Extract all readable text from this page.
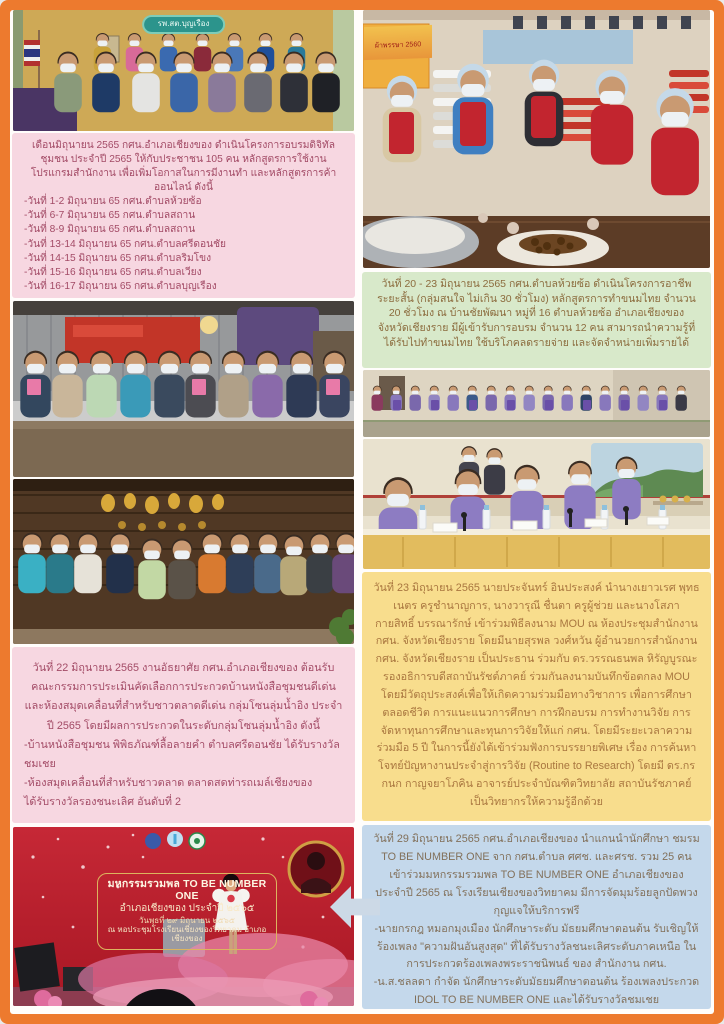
รพ.สต.บุญเรือง
เดือนมิถุนายน 2565 กศน.อำเภอเชียงของ ดำเนินโครงการอบรมดิจิทัลชุมชน ประจำปี 2565 ให้กับประชาชน 105 คน หลักสูตรการใช้งานโปรแกรมสำนักงาน เพื่อเพิ่มโอกาสในการมีงานทำ และหลักสูตรการค้าออนไลน์ ดังนี้
-วันที่ 1-2 มิถุนายน 65 กศน.ตำบลห้วยซ้อ
-วันที่ 6-7 มิถุนายน 65 กศน.ตำบลสถาน
-วันที่ 8-9 มิถุนายน 65 กศน.ตำบลสถาน
-วันที่ 13-14 มิถุนายน 65 กศน.ตำบลศรีดอนชัย
-วันที่ 14-15 มิถุนายน 65 กศน.ตำบลริมโขง
-วันที่ 15-16 มิถุนายน 65 กศน.ตำบลเวียง
-วันที่ 16-17 มิถุนายน 65 กศน.ตำบลบุญเรือง
วันที่ 22 มิถุนายน 2565 งานอัธยาศัย กศน.อำเภอเชียงของ ต้อนรับคณะกรรมการประเมินคัดเลือกการประกวดบ้านหนังสือชุมชนดีเด่น และห้องสมุดเคลื่อนที่สำหรับชาวตลาดดีเด่น กลุ่มโซนลุ่มน้ำอิง ประจำปี 2565 โดยมีผลการประกวดในระดับกลุ่มโซนลุ่มน้ำอิง ดังนี้
-บ้านหนังสือชุมชน พิพิธภัณฑ์ลื้อลายคำ ตำบลศรีดอนชัย ได้รับรางวัลชมเชย
-ห้องสมุดเคลื่อนที่สำหรับชาวตลาด ตลาดสดท่ารถเมล์เชียงของ
ได้รับรางวัลรองชนะเลิศ อันดับที่ 2
มหกรรมรวมพล TO BE NUMBER ONE
อำเภอเชียงของ ประจำปี ๒๕๖๕
วันพุธที่ ๒๙ มิถุนายน ๒๕๖๕
ณ หอประชุมโรงเรียนเชียงของวิทยาคม อำเภอเชียงของ
ผ้าพรรษา 2560
วันที่ 20 - 23 มิถุนายน 2565 กศน.ตำบลห้วยซ้อ ดำเนินโครงการอาชีพระยะสั้น (กลุ่มสนใจ ไม่เกิน 30 ชั่วโมง) หลักสูตรการทำขนมไทย จำนวน 20 ชั่วโมง ณ บ้านชัยพัฒนา หมู่ที่ 16 ตำบลห้วยซ้อ อำเภอเชียงของ จังหวัดเชียงราย มีผู้เข้ารับการอบรม จำนวน 12 คน สามารถนำความรู้ที่ได้รับไปทำขนมไทย ใช้บริโภคลดรายจ่าย และจัดจำหน่ายเพิ่มรายได้
วันที่ 23 มิถุนายน 2565 นายประจันทร์ อินประสงค์ นำนางเยาวเรศ พุทธเนตร ครูชำนาญการ, นางวารุณี ชื่นตา ครูผู้ช่วย และนางโสภา กายสิทธิ์ บรรณารักษ์ เข้าร่วมพิธีลงนาม MOU ณ ห้องประชุมสำนักงาน กศน. จังหวัดเชียงราย โดยมีนายสุรพล วงศ์หวัน ผู้อำนวยการสำนักงาน กศน. จังหวัดเชียงราย เป็นประธาน ร่วมกับ ดร.วรรณธนพล หิรัญบูรณะ รองอธิการบดีสถาบันรัชต์ภาคย์ ร่วมกันลงนามบันทึกข้อตกลง MOU โดยมีวัตถุประสงค์เพื่อให้เกิดความร่วมมือทางวิชาการ เพื่อการศึกษาตลอดชีวิต การแนะแนวการศึกษา การฝึกอบรม การทำงานวิจัย การจัดหาทุนการศึกษาและทุนการวิจัยให้แก่ กศน. โดยมีระยะเวลาความร่วมมือ 5 ปี ในการนี้ยังได้เข้าร่วมฟังการบรรยายพิเศษ เรื่อง การค้นหาโจทย์ปัญหางานประจำสู่การวิจัย (Routine to Research) โดยมี ดร.กรกนก กาญจยาโภคิน อาจารย์ประจำบัณฑิตวิทยาลัย สถาบันรัชภาคย์ เป็นวิทยากรให้ความรู้อีกด้วย
วันที่ 29 มิถุนายน 2565 กศน.อำเภอเชียงของ นำแกนนำนักศึกษา ชมรม TO BE NUMBER ONE จาก กศน.ตำบล ศศช. และศรช. รวม 25 คน เข้าร่วมมหกรรมรวมพล TO BE NUMBER ONE อำเภอเชียงของ ประจำปี 2565 ณ โรงเรียนเชียงของวิทยาคม มีการจัดมุมร้อยลูกปัดพวงกุญแจให้บริการฟรี
-นายกรกฎ หมอกมุงเมือง นักศึกษาระดับ มัธยมศึกษาตอนต้น รับเชิญให้ร้องเพลง "ความฝันอันสูงสุด" ที่ได้รับรางวัลชนะเลิศระดับภาคเหนือ ในการประกวดร้องเพลงพระราชนิพนธ์ ของ สำนักงาน กศน.
-น.ส.ชลลดา กำจัด นักศึกษาระดับมัธยมศึกษาตอนต้น ร้องเพลงประกวด IDOL TO BE NUMBER ONE และได้รับรางวัลชมเชย
